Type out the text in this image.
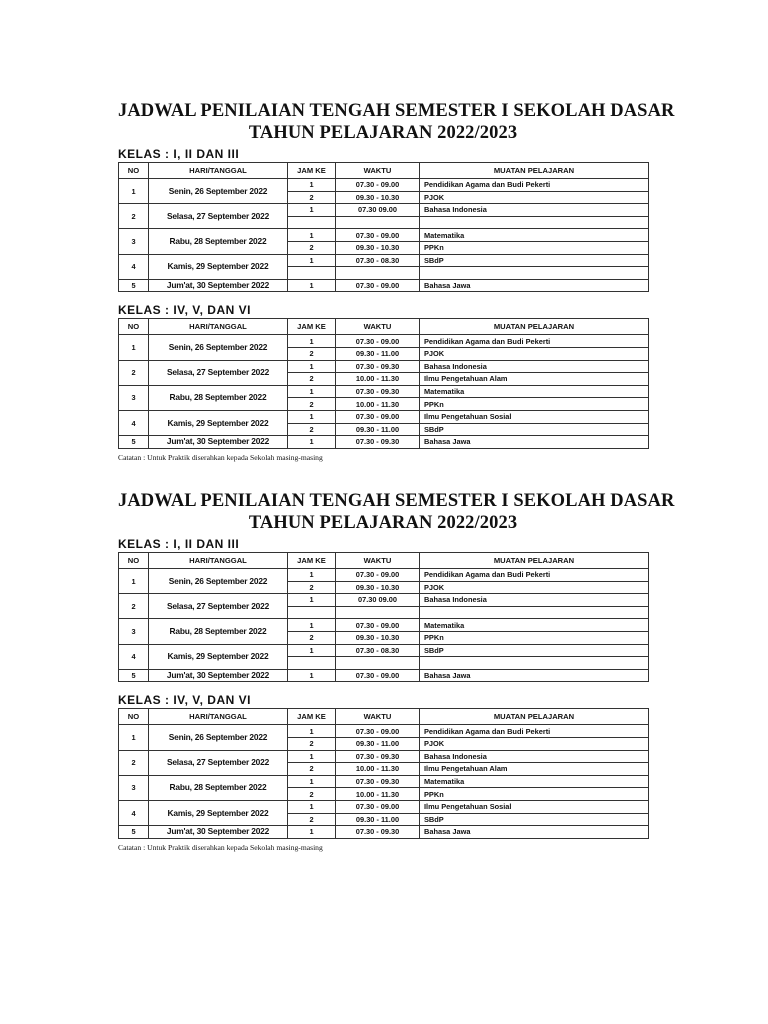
JADWAL PENILAIAN TENGAH SEMESTER I SEKOLAH DASAR
TAHUN PELAJARAN 2022/2023
KELAS : I, II DAN III
NO	HARI/TANGGAL	JAM KE	WAKTU	MUATAN PELAJARAN
1	Senin, 26 September 2022	1	07.30 - 09.00	Pendidikan Agama dan Budi Pekerti
		2	09.30 - 10.30	PJOK
2	Selasa, 27 September 2022	1	07.30 09.00	Bahasa Indonesia

3	Rabu, 28 September 2022	1	07.30 - 09.00	Matematika
		2	09.30 - 10.30	PPKn
4	Kamis, 29 September 2022	1	07.30 - 08.30	SBdP

5	Jum'at, 30 September 2022	1	07.30 - 09.00	Bahasa Jawa
KELAS : IV, V, DAN VI
NO	HARI/TANGGAL	JAM KE	WAKTU	MUATAN PELAJARAN
1	Senin, 26 September 2022	1	07.30 - 09.00	Pendidikan Agama dan Budi Pekerti
		2	09.30 - 11.00	PJOK
2	Selasa, 27 September 2022	1	07.30 - 09.30	Bahasa Indonesia
		2	10.00 - 11.30	Ilmu Pengetahuan Alam
3	Rabu, 28 September 2022	1	07.30 - 09.30	Matematika
		2	10.00 - 11.30	PPKn
4	Kamis, 29 September 2022	1	07.30 - 09.00	Ilmu Pengetahuan Sosial
		2	09.30 - 11.00	SBdP
5	Jum'at, 30 September 2022	1	07.30 - 09.30	Bahasa Jawa
Catatan : Untuk Praktik diserahkan kepada Sekolah masing-masing
JADWAL PENILAIAN TENGAH SEMESTER I SEKOLAH DASAR
TAHUN PELAJARAN 2022/2023
KELAS : I, II DAN III
NO	HARI/TANGGAL	JAM KE	WAKTU	MUATAN PELAJARAN
1	Senin, 26 September 2022	1	07.30 - 09.00	Pendidikan Agama dan Budi Pekerti
		2	09.30 - 10.30	PJOK
2	Selasa, 27 September 2022	1	07.30 09.00	Bahasa Indonesia

3	Rabu, 28 September 2022	1	07.30 - 09.00	Matematika
		2	09.30 - 10.30	PPKn
4	Kamis, 29 September 2022	1	07.30 - 08.30	SBdP

5	Jum'at, 30 September 2022	1	07.30 - 09.00	Bahasa Jawa
KELAS : IV, V, DAN VI
NO	HARI/TANGGAL	JAM KE	WAKTU	MUATAN PELAJARAN
1	Senin, 26 September 2022	1	07.30 - 09.00	Pendidikan Agama dan Budi Pekerti
		2	09.30 - 11.00	PJOK
2	Selasa, 27 September 2022	1	07.30 - 09.30	Bahasa Indonesia
		2	10.00 - 11.30	Ilmu Pengetahuan Alam
3	Rabu, 28 September 2022	1	07.30 - 09.30	Matematika
		2	10.00 - 11.30	PPKn
4	Kamis, 29 September 2022	1	07.30 - 09.00	Ilmu Pengetahuan Sosial
		2	09.30 - 11.00	SBdP
5	Jum'at, 30 September 2022	1	07.30 - 09.30	Bahasa Jawa
Catatan : Untuk Praktik diserahkan kepada Sekolah masing-masing
